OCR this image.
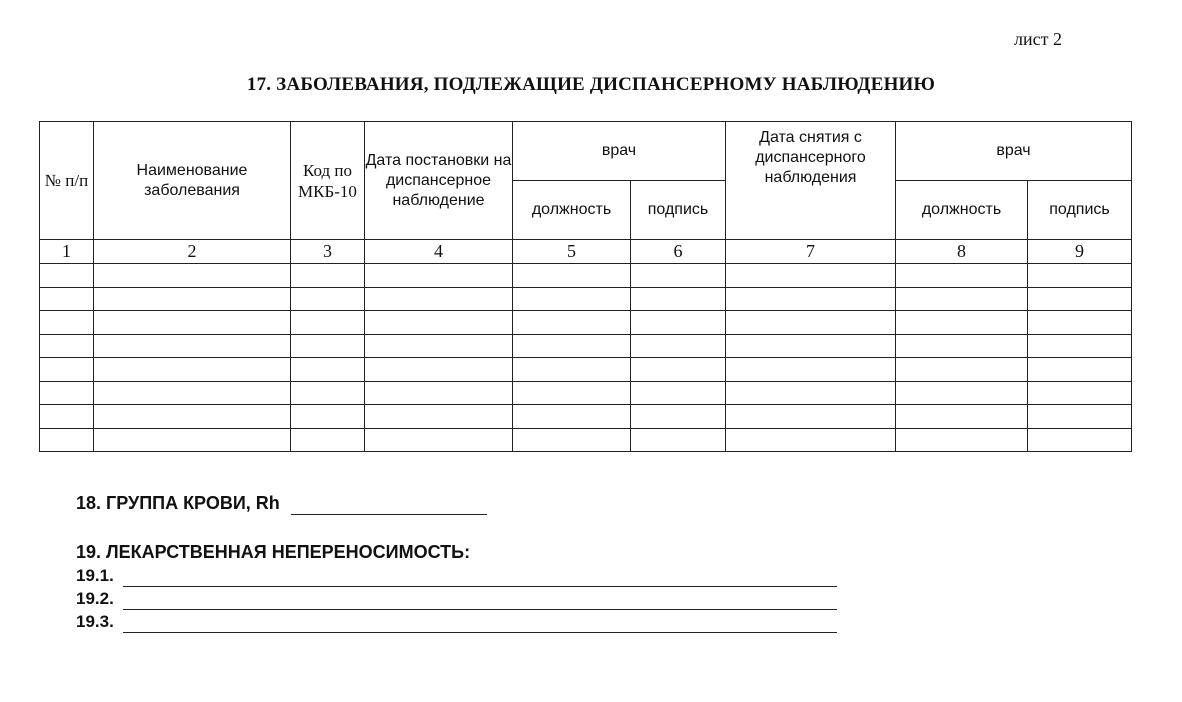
лист 2
17. ЗАБОЛЕВАНИЯ, ПОДЛЕЖАЩИЕ ДИСПАНСЕРНОМУ НАБЛЮДЕНИЮ
№ п/п	Наименование заболевания	Код по МКБ-10	Дата постановки на диспансерное наблюдение	врач		Дата снятия с диспансерного наблюдения	врач	
				должность	подпись		должность	подпись
1	2	3	4	5	6	7	8	9

18. ГРУППА КРОВИ, Rh
19. ЛЕКАРСТВЕННАЯ НЕПЕРЕНОСИМОСТЬ:
19.1.
19.2.
19.3.
